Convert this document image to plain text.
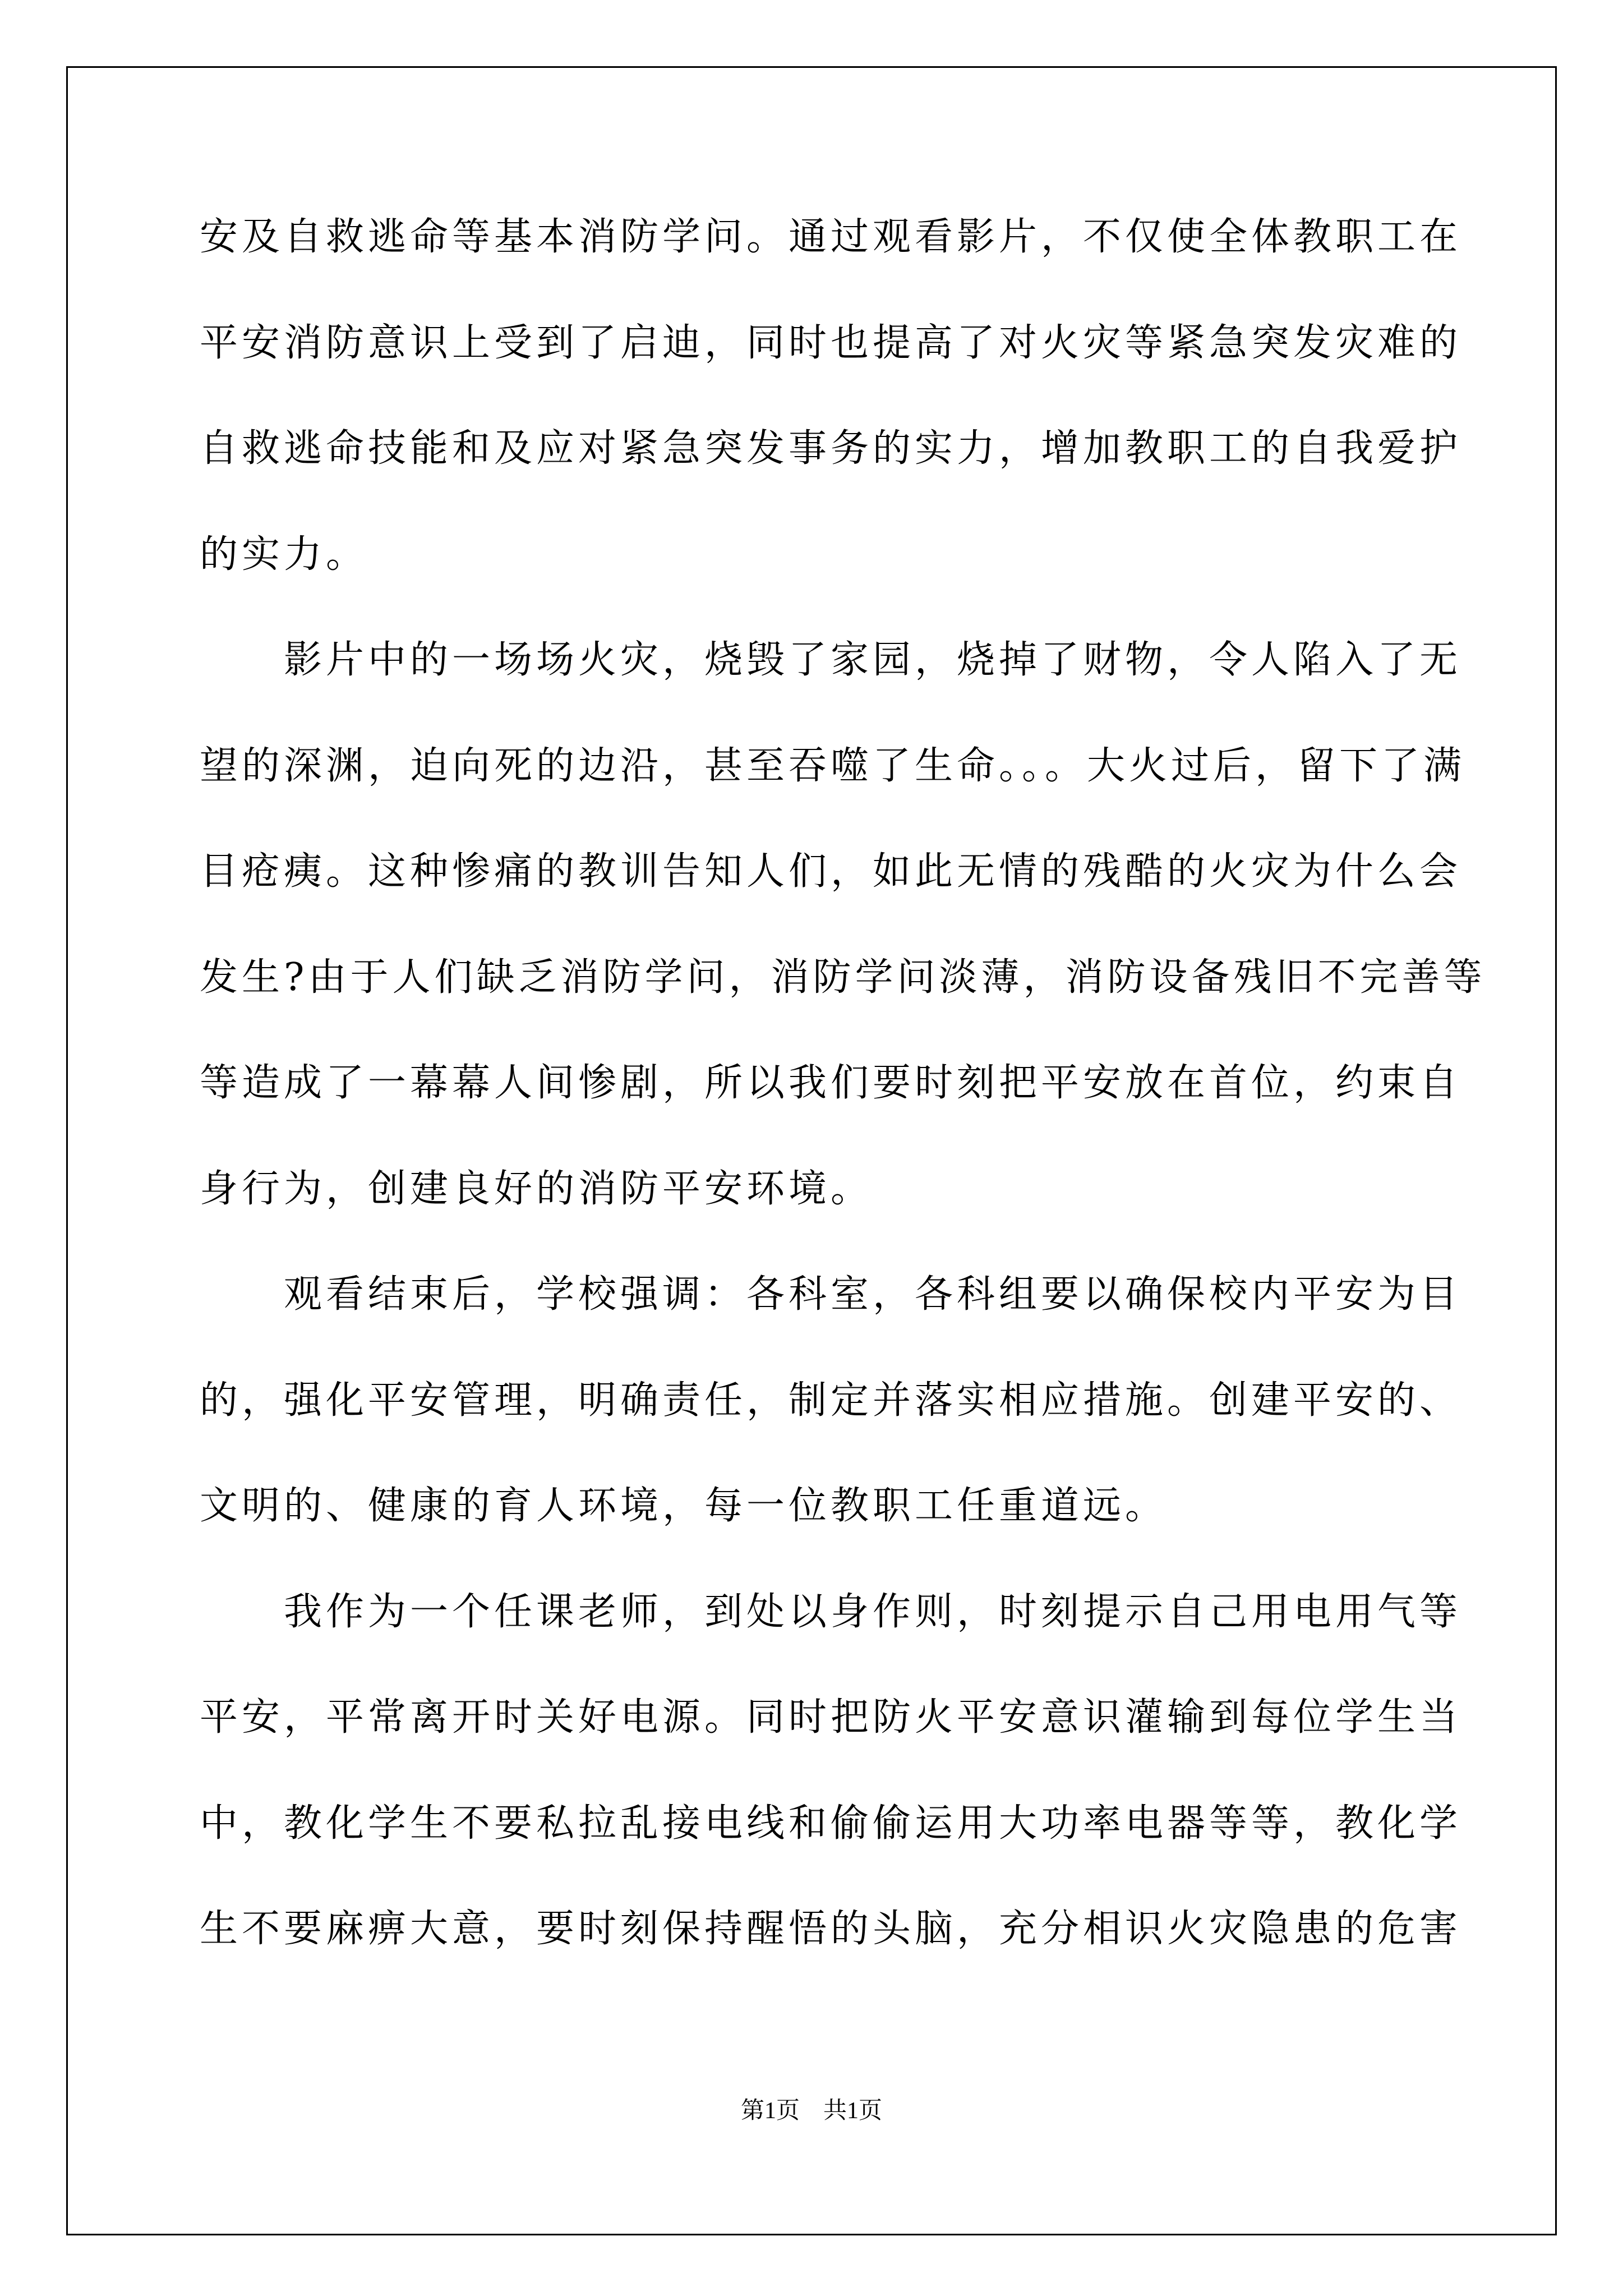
安及自救逃命等基本消防学问。通过观看影片，不仅使全体教职工在
平安消防意识上受到了启迪，同时也提高了对火灾等紧急突发灾难的
自救逃命技能和及应对紧急突发事务的实力，增加教职工的自我爱护
的实力。
影片中的一场场火灾，烧毁了家园，烧掉了财物，令人陷入了无
望的深渊，迫向死的边沿，甚至吞噬了生命。。。大火过后，留下了满
目疮痍。这种惨痛的教训告知人们，如此无情的残酷的火灾为什么会
发生?由于人们缺乏消防学问，消防学问淡薄，消防设备残旧不完善等
等造成了一幕幕人间惨剧，所以我们要时刻把平安放在首位，约束自
身行为，创建良好的消防平安环境。
观看结束后，学校强调：各科室，各科组要以确保校内平安为目
的，强化平安管理，明确责任，制定并落实相应措施。创建平安的、
文明的、健康的育人环境，每一位教职工任重道远。
我作为一个任课老师，到处以身作则，时刻提示自己用电用气等
平安，平常离开时关好电源。同时把防火平安意识灌输到每位学生当
中，教化学生不要私拉乱接电线和偷偷运用大功率电器等等，教化学
生不要麻痹大意，要时刻保持醒悟的头脑，充分相识火灾隐患的危害
第1页　共1页
